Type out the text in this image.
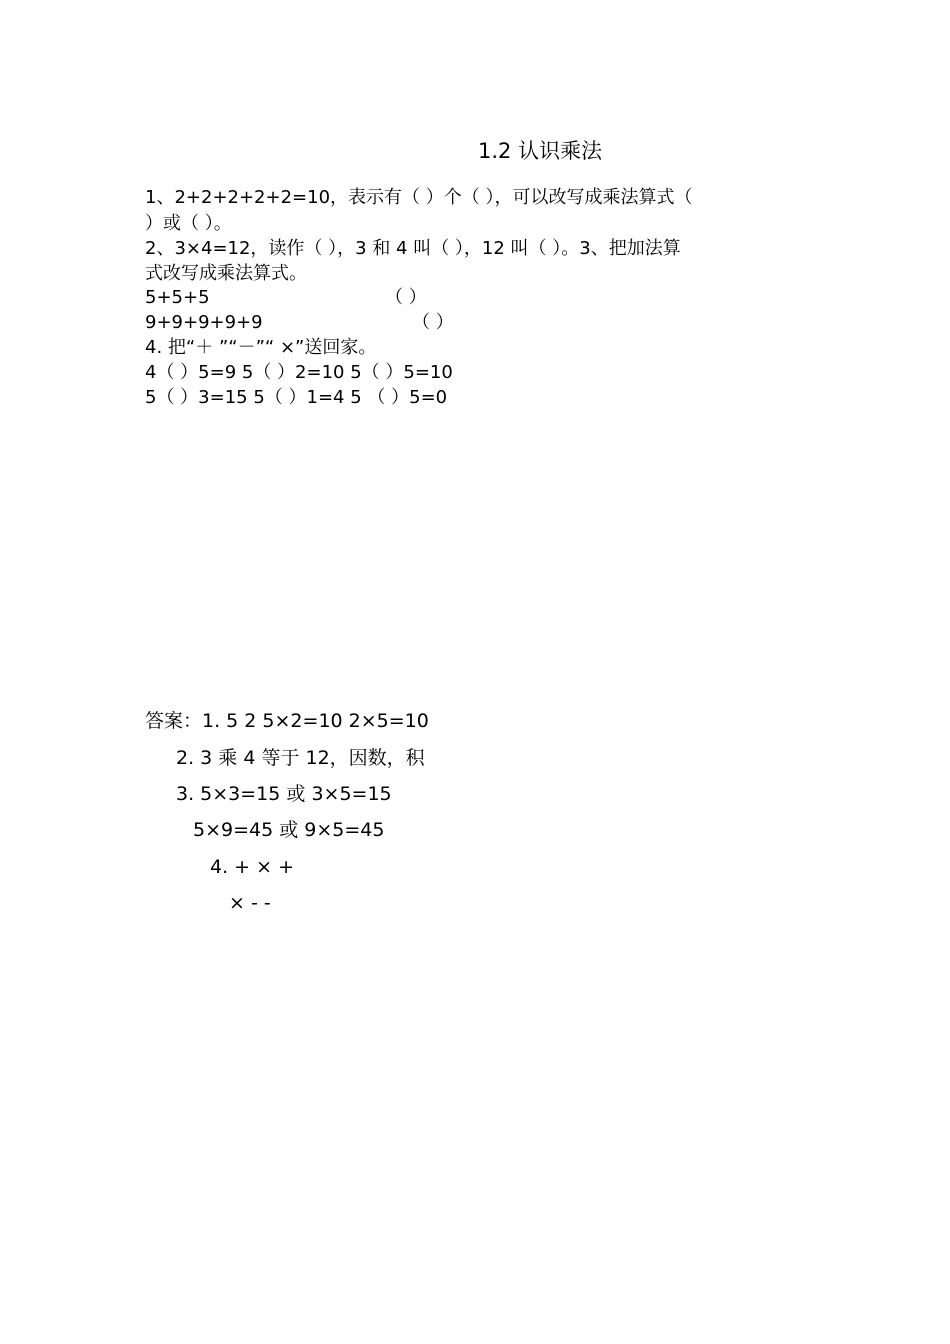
1.2 认识乘法
1、2+2+2+2+2=10，表示有（ ）个（ ），可以改写成乘法算式（
）或（ ）。
2、3×4=12，读作（ ），3 和 4 叫（ ），12 叫（ ）。3、把加法算
式改写成乘法算式。
5+5+5	（ ）
9+9+9+9+9	（ ）
4. 把“＋ ”“－”“ ×”送回家。
4（ ）5=9 5（ ）2=10 5（ ）5=10
5（ ）3=15 5（ ）1=4 5 （ ）5=0
答案：1. 5 2 5×2=10 2×5=10
2. 3 乘 4 等于 12，因数，积
3. 5×3=15 或 3×5=15
5×9=45 或 9×5=45
4. + × +
× - -
